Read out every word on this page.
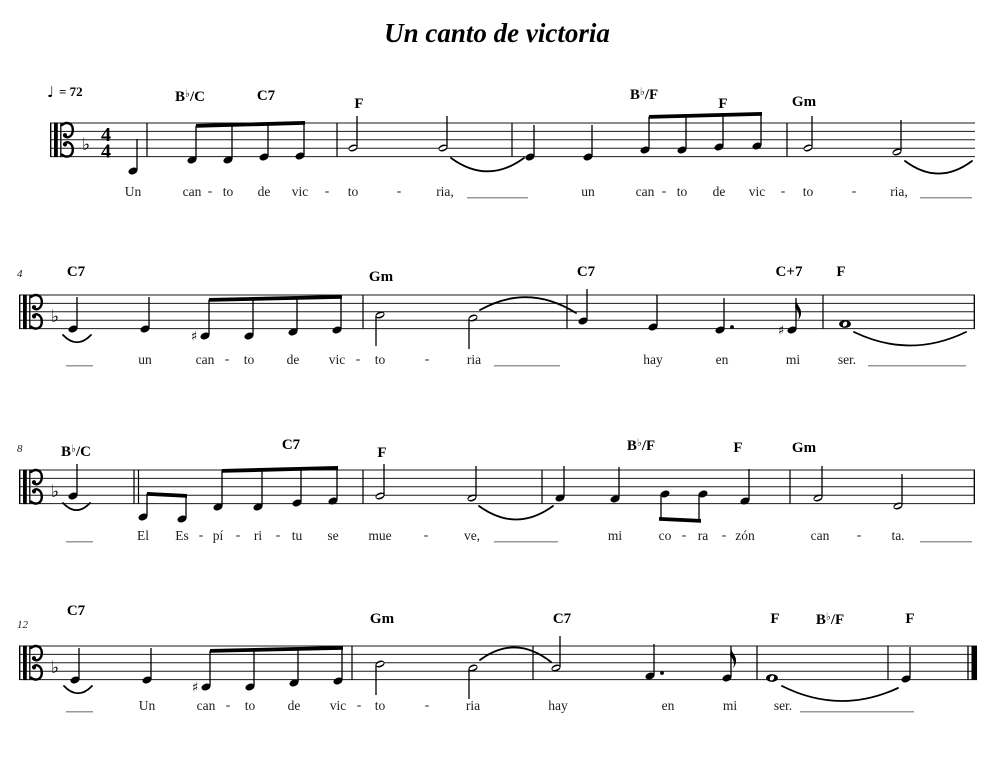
Un canto de victoria
♩ = 72
♭ 4
4
B♭/C	C7	F
B♭/F
F	Gm
Un	can to de vic	to	ria,	un	can to de vic	to	ria,
-	-	-	-	-	-
♭
4	C7	Gm	C7	C+7 F
♯	♯
un	can to de vic to	ria	hay	en	mi	ser.
-	-	-
♭
8	B♭/C	C7	F	B♭/F	F	Gm
El Es pí ri tu se mue	ve,	mi	co ra zón	can	ta.
- -	-	-	-	-	-
♭
12
C7	Gm	C7	F B♭/F	F
♯
Un	can to de vic to	ria	hay	en	mi	ser.
-	-	-
